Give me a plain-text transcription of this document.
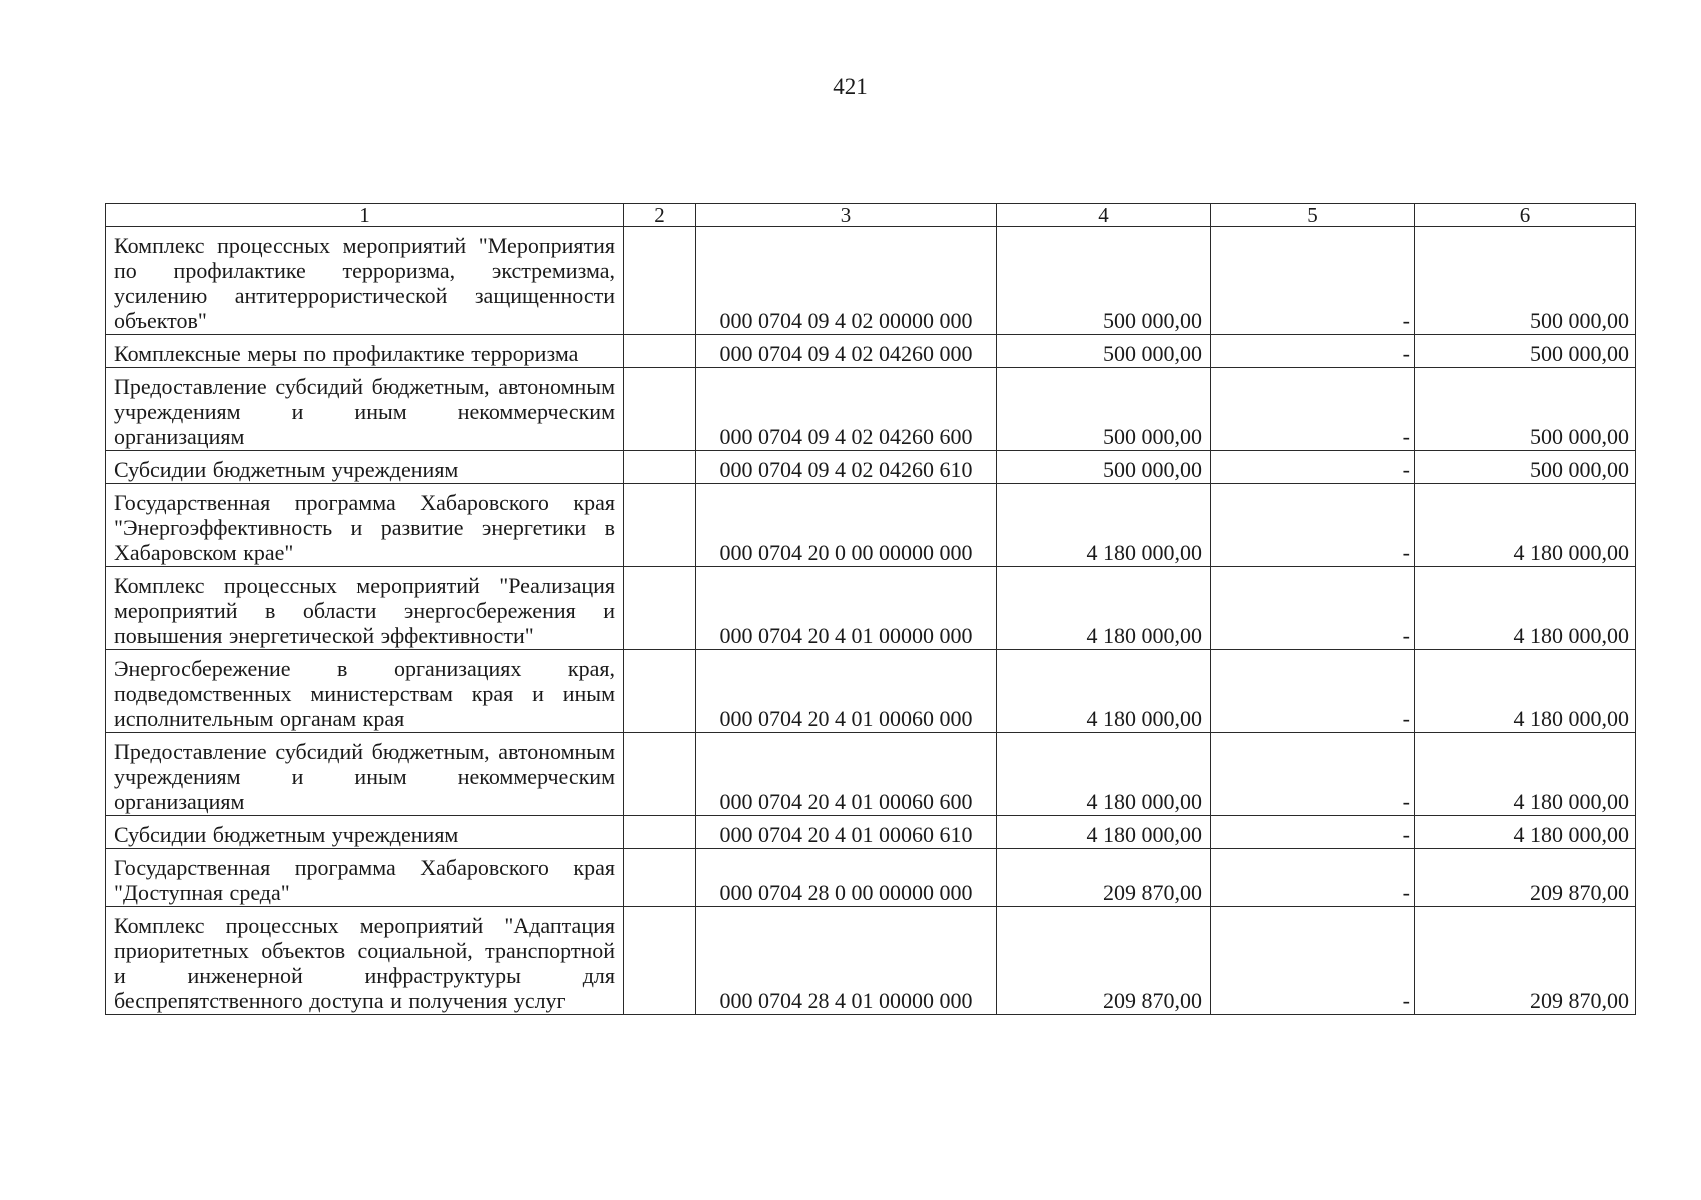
421
1	2	3	4	5	6
Комплекс процессных мероприятий "Мероприятия по профилактике терроризма, экстремизма, усилению антитеррористической защищенности объектов"		000 0704 09 4 02 00000 000	500 000,00	-	500 000,00
Комплексные меры по профилактике терроризма		000 0704 09 4 02 04260 000	500 000,00	-	500 000,00
Предоставление субсидий бюджетным, автономным учреждениям и иным некоммерческим организациям		000 0704 09 4 02 04260 600	500 000,00	-	500 000,00
Субсидии бюджетным учреждениям		000 0704 09 4 02 04260 610	500 000,00	-	500 000,00
Государственная программа Хабаровского края "Энергоэффективность и развитие энергетики в Хабаровском крае"		000 0704 20 0 00 00000 000	4 180 000,00	-	4 180 000,00
Комплекс процессных мероприятий "Реализация мероприятий в области энергосбережения и повышения энергетической эффективности"		000 0704 20 4 01 00000 000	4 180 000,00	-	4 180 000,00
Энергосбережение в организациях края, подведомственных министерствам края и иным исполнительным органам края		000 0704 20 4 01 00060 000	4 180 000,00	-	4 180 000,00
Предоставление субсидий бюджетным, автономным учреждениям и иным некоммерческим организациям		000 0704 20 4 01 00060 600	4 180 000,00	-	4 180 000,00
Субсидии бюджетным учреждениям		000 0704 20 4 01 00060 610	4 180 000,00	-	4 180 000,00
Государственная программа Хабаровского края "Доступная среда"		000 0704 28 0 00 00000 000	209 870,00	-	209 870,00
Комплекс процессных мероприятий "Адаптация приоритетных объектов социальной, транспортной и инженерной инфраструктуры для беспрепятственного доступа и получения услуг		000 0704 28 4 01 00000 000	209 870,00	-	209 870,00
